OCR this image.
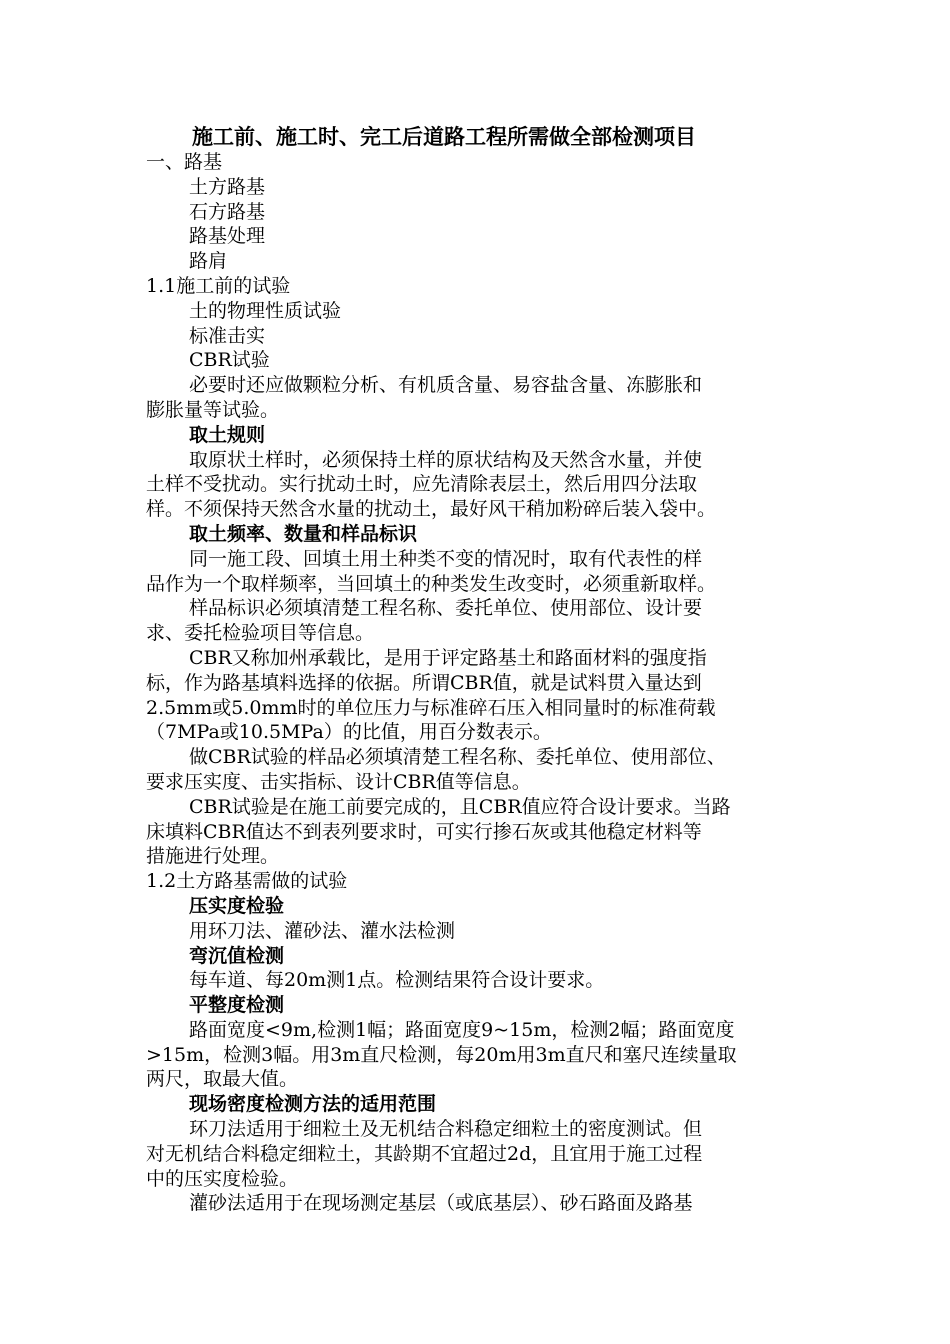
施工前、施工时、完工后道路工程所需做全部检测项目
一、路基
土方路基
石方路基
路基处理
路肩
1.1施工前的试验
土的物理性质试验
标准击实
CBR试验
必要时还应做颗粒分析、有机质含量、易容盐含量、冻膨胀和
膨胀量等试验。
取土规则
取原状土样时，必须保持土样的原状结构及天然含水量，并使
土样不受扰动。实行扰动土时，应先清除表层土，然后用四分法取
样。不须保持天然含水量的扰动土，最好风干稍加粉碎后装入袋中。
取土频率、数量和样品标识
同一施工段、回填土用土种类不变的情况时，取有代表性的样
品作为一个取样频率，当回填土的种类发生改变时，必须重新取样。
样品标识必须填清楚工程名称、委托单位、使用部位、设计要
求、委托检验项目等信息。
CBR又称加州承载比，是用于评定路基土和路面材料的强度指
标，作为路基填料选择的依据。所谓CBR值，就是试料贯入量达到
2.5mm或5.0mm时的单位压力与标准碎石压入相同量时的标准荷载
（7MPa或10.5MPa）的比值，用百分数表示。
做CBR试验的样品必须填清楚工程名称、委托单位、使用部位、
要求压实度、击实指标、设计CBR值等信息。
CBR试验是在施工前要完成的，且CBR值应符合设计要求。当路
床填料CBR值达不到表列要求时，可实行掺石灰或其他稳定材料等
措施进行处理。
1.2土方路基需做的试验
压实度检验
用环刀法、灌砂法、灌水法检测
弯沉值检测
每车道、每20m测1点。检测结果符合设计要求。
平整度检测
路面宽度<9m,检测1幅；路面宽度9~15m，检测2幅；路面宽度
>15m，检测3幅。用3m直尺检测，每20m用3m直尺和塞尺连续量取
两尺，取最大值。
现场密度检测方法的适用范围
环刀法适用于细粒土及无机结合料稳定细粒土的密度测试。但
对无机结合料稳定细粒土，其龄期不宜超过2d，且宜用于施工过程
中的压实度检验。
灌砂法适用于在现场测定基层（或底基层）、砂石路面及路基
